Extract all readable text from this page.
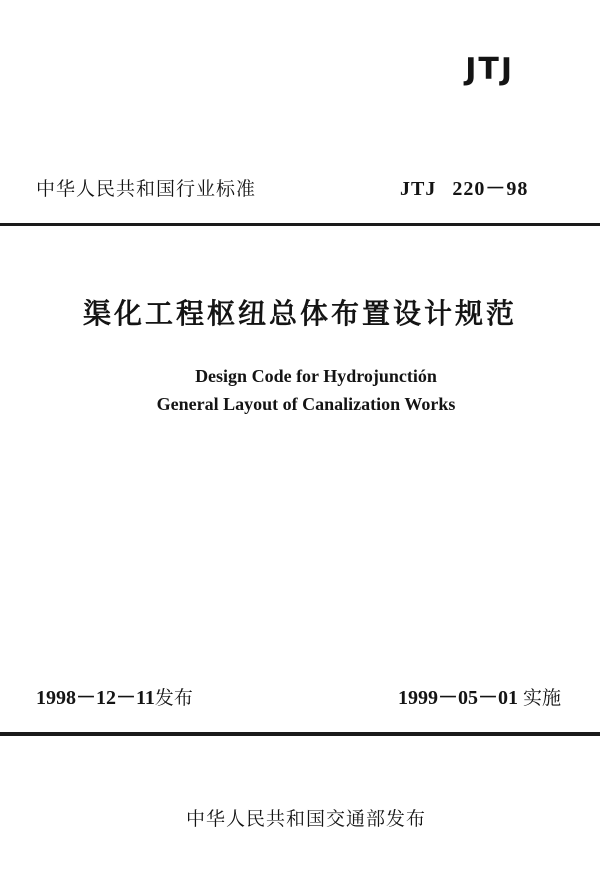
JTJ
中华人民共和国行业标准	JTJ 220－98
渠化工程枢纽总体布置设计规范
Design Code for Hydrojunctión
General Layout of Canalization Works
1998－12－11发布	1999－05－01 实施
中华人民共和国交通部发布
